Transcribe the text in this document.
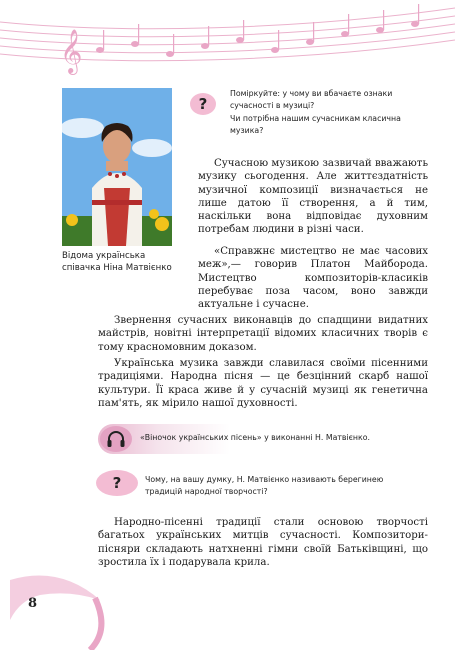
𝄞
Відома українська співачка Ніна Матвієнко
?
Поміркуйте: у чому ви вбачаєте ознаки сучасності в музиці?
Чи потрібна нашим сучасникам класична музика?
Сучасною музикою зазвичай вважають музику сьогодення. Але життєздатність музичної композиції визначається не лише датою її створення, а й тим, наскільки вона відповідає духовним потребам людини в різні часи.
«Справжнє мистецтво не має часових меж»,— говорив Платон Майборода. Мистецтво композиторів-класиків перебуває поза часом, воно завжди актуальне і сучасне.
Звернення сучасних виконавців до спадщини видатних майстрів, новітні інтерпретації відомих класичних творів є тому красномовним доказом.
Українська музика завжди славилася своїми пісенними традиціями. Народна пісня — це безцінний скарб нашої культури. Її краса живе й у сучасній музиці як генетична пам'ять, як мірило нашої духовності.
«Віночок українських пісень» у виконанні Н. Матвієнко.
?	Чому, на вашу думку, Н. Матвієнко називають берегинею традицій народної творчості?
Народно-пісенні традиції стали основою творчості багатьох українських митців сучасності. Композитори-пісняри складають натхненні гімни своїй Батьківщині, що зростила їх і подарувала крила.
8
